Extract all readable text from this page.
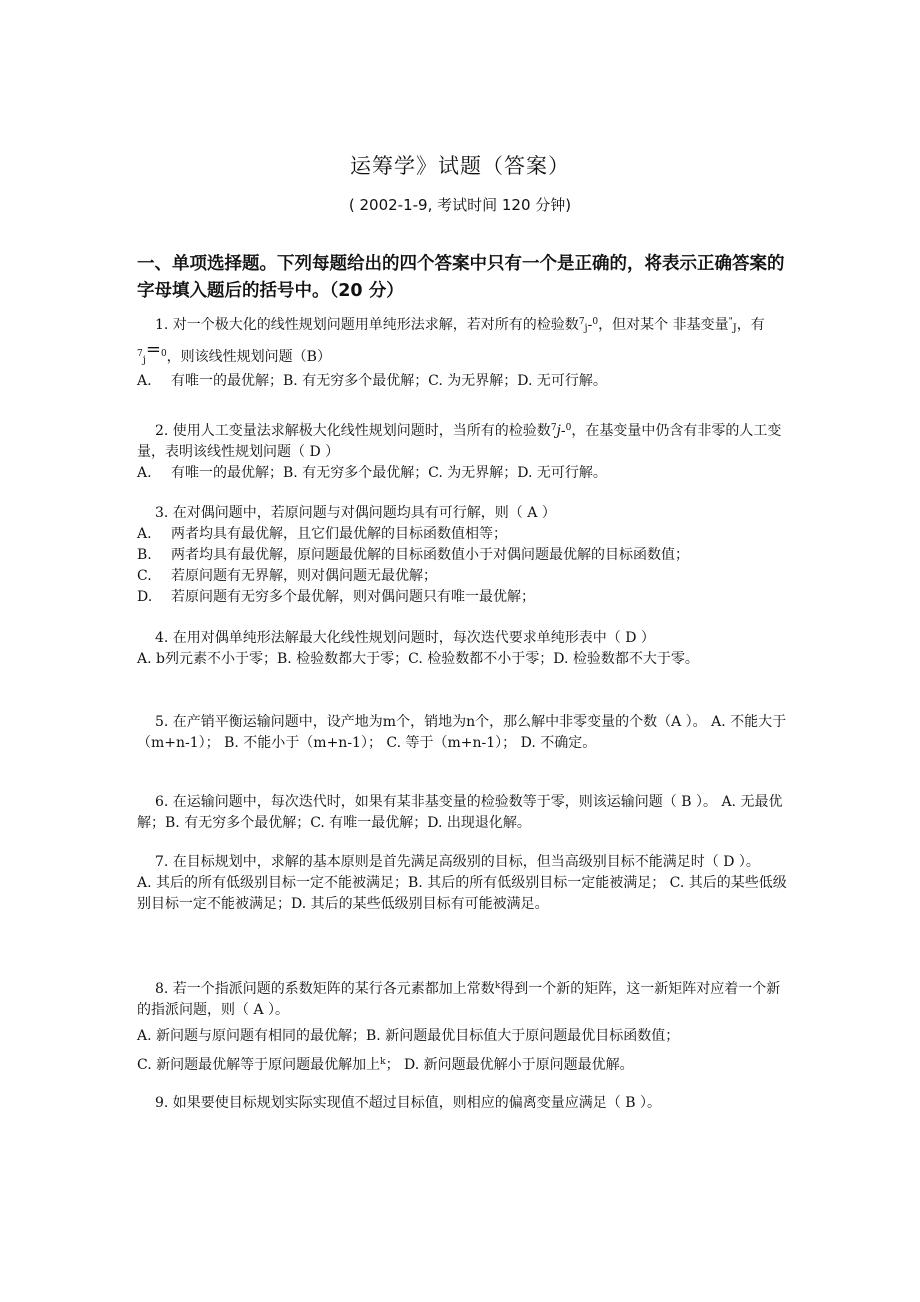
运筹学》试题（答案）
( 2002-1-9, 考试时间 120 分钟)
一、单项选择题。下列每题给出的四个答案中只有一个是正确的，将表示正确答案的字母填入题后的括号中。（20 分）
1. 对一个极大化的线性规划问题用单纯形法求解，若对所有的检验数$^7_j$-$^0$，但对某个 非基变量"$_J$，有$^7_j$=$^0$，则该线性规划问题（B）
A. 有唯一的最优解；B. 有无穷多个最优解；C. 为无界解；D. 无可行解。
2. 使用人工变量法求解极大化线性规划问题时，当所有的检验数$^7$j-$^0$，在基变量中仍含有非零的人工变量，表明该线性规划问题（ D ）
A. 有唯一的最优解；B. 有无穷多个最优解；C. 为无界解；D. 无可行解。
3. 在对偶问题中，若原问题与对偶问题均具有可行解，则（ A ）
A. 两者均具有最优解，且它们最优解的目标函数值相等；
B. 两者均具有最优解，原问题最优解的目标函数值小于对偶问题最优解的目标函数值；
C. 若原问题有无界解，则对偶问题无最优解；
D. 若原问题有无穷多个最优解，则对偶问题只有唯一最优解；
4. 在用对偶单纯形法解最大化线性规划问题时，每次迭代要求单纯形表中（ D ）
A. b列元素不小于零；B. 检验数都大于零；C. 检验数都不小于零；D. 检验数都不大于零。
5. 在产销平衡运输问题中，设产地为m个，销地为n个，那么解中非零变量的个数（A ）。 A. 不能大于（m+n-1）； B. 不能小于（m+n-1）； C. 等于（m+n-1）； D. 不确定。
6. 在运输问题中，每次迭代时，如果有某非基变量的检验数等于零，则该运输问题（ B ）。 A. 无最优解；B. 有无穷多个最优解；C. 有唯一最优解；D. 出现退化解。
7. 在目标规划中，求解的基本原则是首先满足高级别的目标，但当高级别目标不能满足时（ D ）。
A. 其后的所有低级别目标一定不能被满足；B. 其后的所有低级别目标一定能被满足； C. 其后的某些低级别目标一定不能被满足；D. 其后的某些低级别目标有可能被满足。
8. 若一个指派问题的系数矩阵的某行各元素都加上常数$^k$得到一个新的矩阵，这一新矩阵对应着一个新的指派问题，则（ A ）。
A. 新问题与原问题有相同的最优解；B. 新问题最优目标值大于原问题最优目标函数值；
C. 新问题最优解等于原问题最优解加上$^k$； D. 新问题最优解小于原问题最优解。
9. 如果要使目标规划实际实现值不超过目标值，则相应的偏离变量应满足（ B ）。
